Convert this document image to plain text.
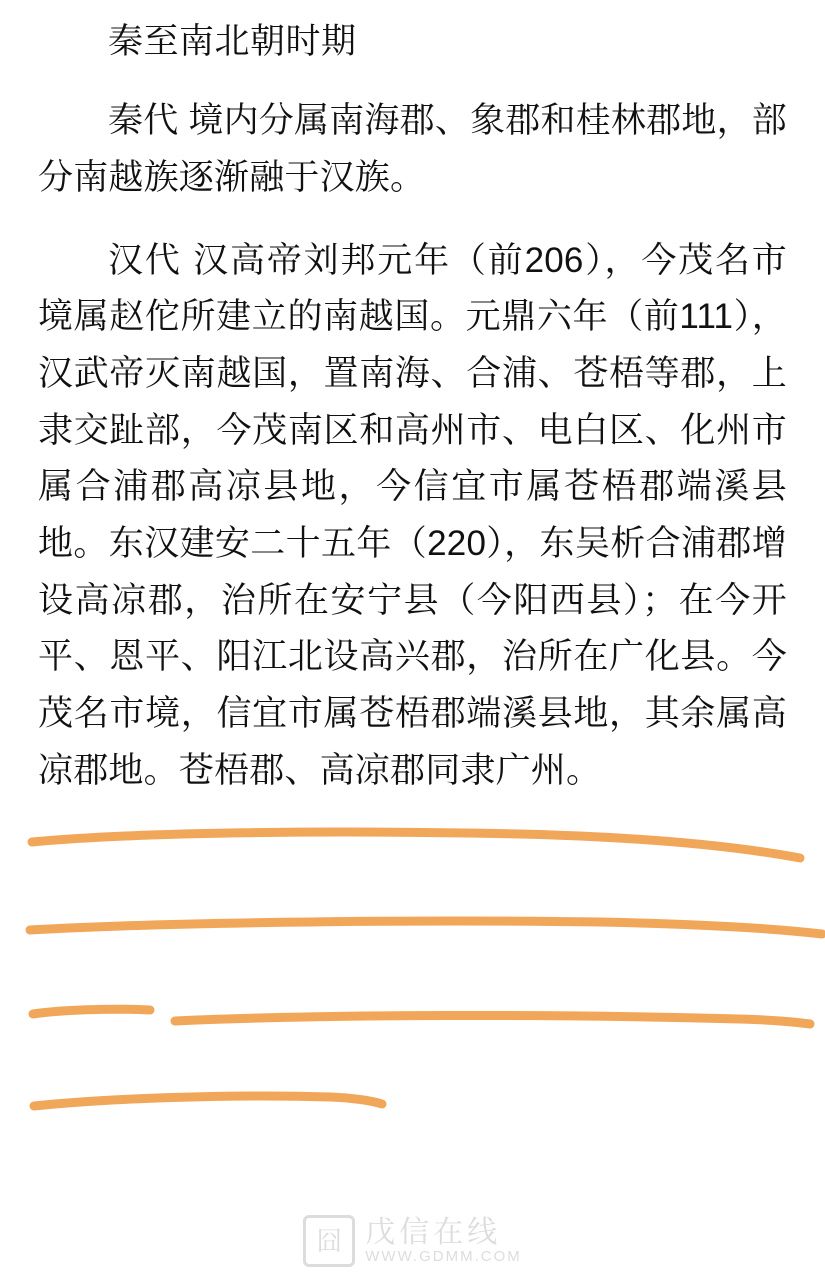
秦至南北朝时期

秦代 境内分属南海郡、象郡和桂林郡地，部分南越族逐渐融于汉族。

汉代 汉高帝刘邦元年（前206），今茂名市境属赵佗所建立的南越国。元鼎六年（前111），汉武帝灭南越国，置南海、合浦、苍梧等郡，上隶交趾部，今茂南区和高州市、电白区、化州市属合浦郡高凉县地，今信宜市属苍梧郡端溪县地。东汉建安二十五年（220），东吴析合浦郡增设高凉郡，治所在安宁县（今阳西县）；在今开平、恩平、阳江北设高兴郡，治所在广化县。今茂名市境，信宜市属苍梧郡端溪县地，其余属高凉郡地。苍梧郡、高凉郡同隶广州。

囧 戊信在线
WWW.GDMM.COM
